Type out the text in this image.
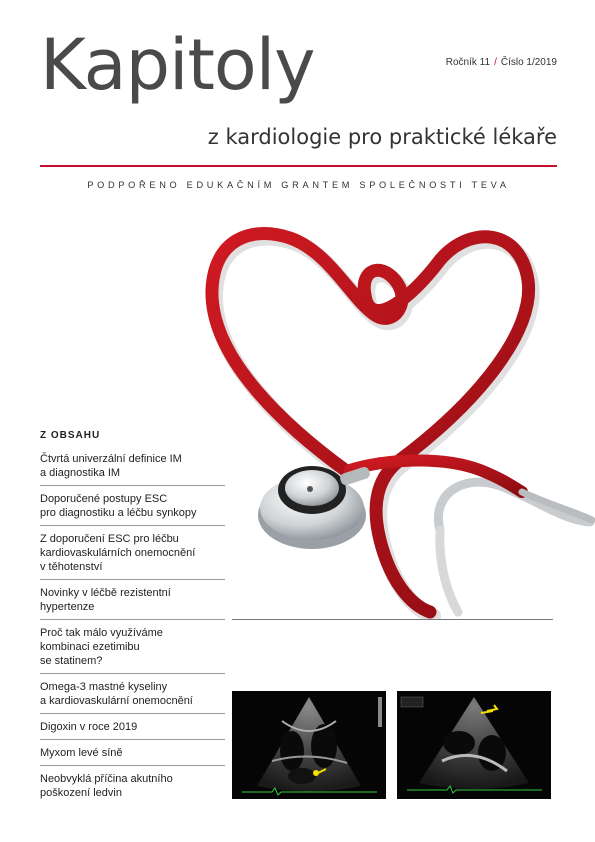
Kapitoly	Ročník 11 / Číslo 1/2019
z kardiologie pro praktické lékaře
PODPOŘENO EDUKAČNÍM GRANTEM SPOLEČNOSTI TEVA
Z OBSAHU
Čtvrtá univerzální definice IM
a diagnostika IM
Doporučené postupy ESC
pro diagnostiku a léčbu synkopy
Z doporučení ESC pro léčbu
kardiovaskulárních onemocnění
v těhotenství
Novinky v léčbě rezistentní
hypertenze
Proč tak málo využíváme
kombinaci ezetimibu
se statinem?
Omega-3 mastné kyseliny
a kardiovaskulární onemocnění
Digoxin v roce 2019
Myxom levé síně
Neobvyklá příčina akutního
poškození ledvin
